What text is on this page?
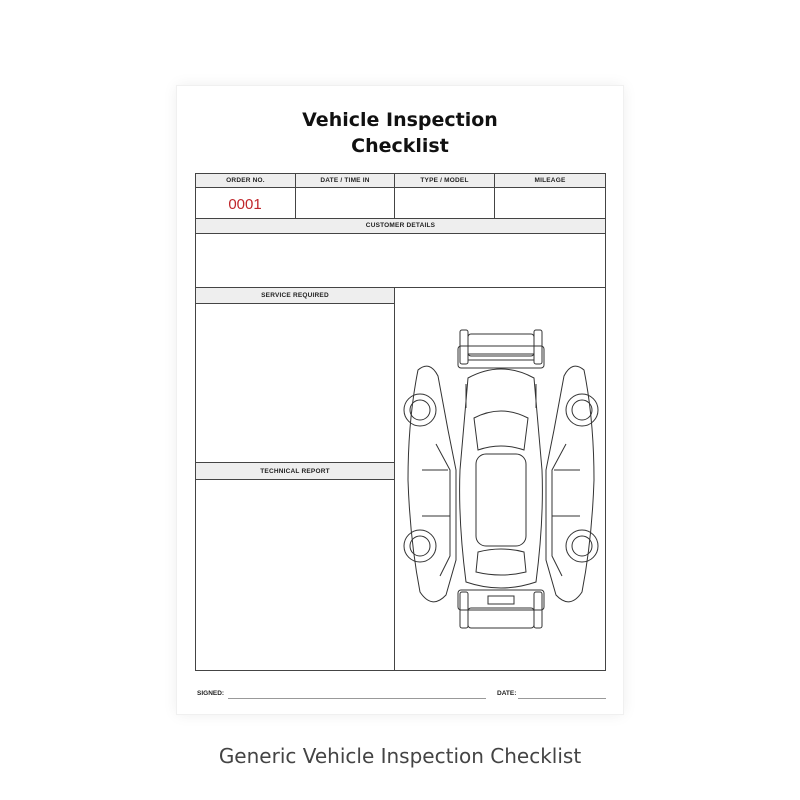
Vehicle Inspection
Checklist
ORDER NO.	DATE / TIME IN	TYPE / MODEL	MILEAGE
0001
CUSTOMER DETAILS
SERVICE REQUIRED
TECHNICAL REPORT
SIGNED:	DATE:
Generic Vehicle Inspection Checklist
